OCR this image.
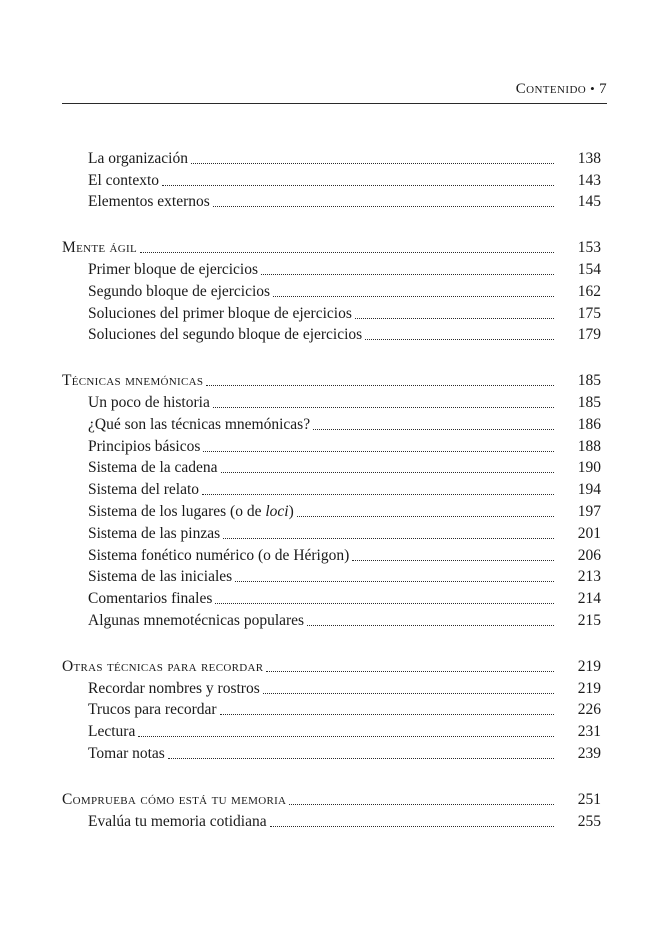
Contenido • 7
La organización	138
El contexto	143
Elementos externos	145
Mente ágil	153
Primer bloque de ejercicios	154
Segundo bloque de ejercicios	162
Soluciones del primer bloque de ejercicios	175
Soluciones del segundo bloque de ejercicios	179
Técnicas mnemónicas	185
Un poco de historia	185
¿Qué son las técnicas mnemónicas?	186
Principios básicos	188
Sistema de la cadena	190
Sistema del relato	194
Sistema de los lugares (o de loci)	197
Sistema de las pinzas	201
Sistema fonético numérico (o de Hérigon)	206
Sistema de las iniciales	213
Comentarios finales	214
Algunas mnemotécnicas populares	215
Otras técnicas para recordar	219
Recordar nombres y rostros	219
Trucos para recordar	226
Lectura	231
Tomar notas	239
Comprueba cómo está tu memoria	251
Evalúa tu memoria cotidiana	255
